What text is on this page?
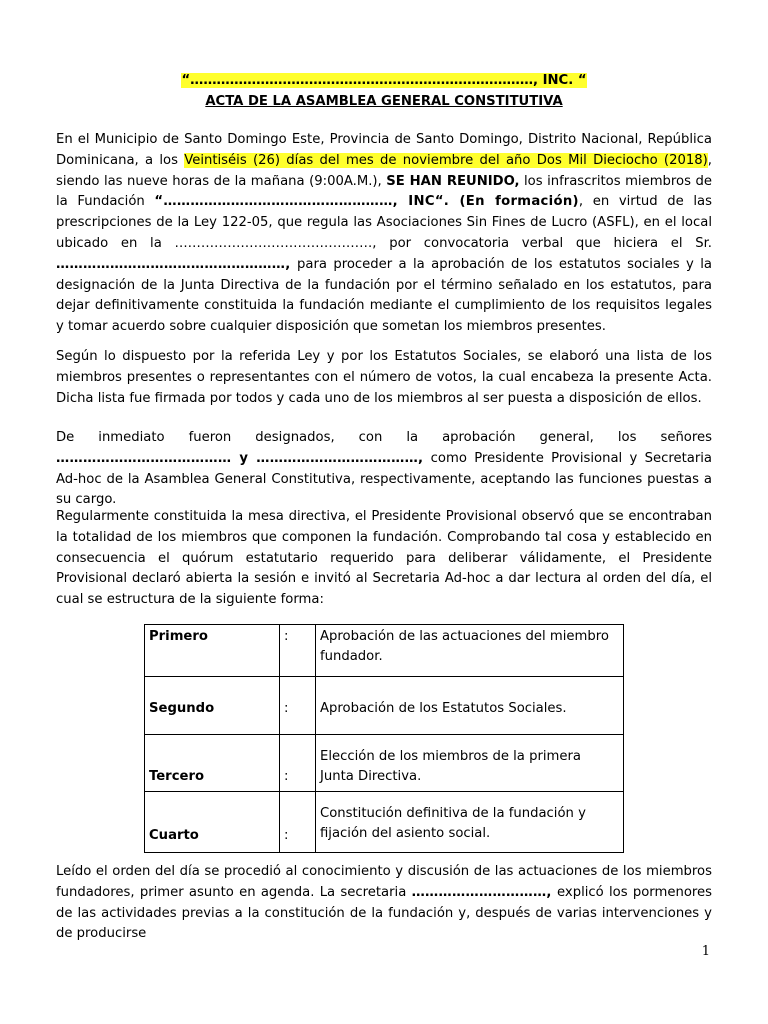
“……………………………………………………………………, INC. “
ACTA DE LA ASAMBLEA GENERAL CONSTITUTIVA

En el Municipio de Santo Domingo Este, Provincia de Santo Domingo, Distrito Nacional, República Dominicana, a los Veintiséis (26) días del mes de noviembre del año Dos Mil Dieciocho (2018), siendo las nueve horas de la mañana (9:00A.M.), SE HAN REUNIDO, los infrascritos miembros de la Fundación “……………………………………………, INC“. (En formación), en virtud de las prescripciones de la Ley 122-05, que regula las Asociaciones Sin Fines de Lucro (ASFL), en el local ubicado en la ………………………………………, por convocatoria verbal que hiciera el Sr. ……………………………………………, para proceder a la aprobación de los estatutos sociales y la designación de la Junta Directiva de la fundación por el término señalado en los estatutos, para dejar definitivamente constituida la fundación mediante el cumplimiento de los requisitos legales y tomar acuerdo sobre cualquier disposición que sometan los miembros presentes.

Según lo dispuesto por la referida Ley y por los Estatutos Sociales, se elaboró una lista de los miembros presentes o representantes con el número de votos, la cual encabeza la presente Acta. Dicha lista fue firmada por todos y cada uno de los miembros al ser puesta a disposición de ellos.

De inmediato fueron designados, con la aprobación general, los señores ………………………………… y ………………………………, como Presidente Provisional y Secretaria Ad-hoc de la Asamblea General Constitutiva, respectivamente, aceptando las funciones puestas a su cargo.

Regularmente constituida la mesa directiva, el Presidente Provisional observó que se encontraban la totalidad de los miembros que componen la fundación. Comprobando tal cosa y establecido en consecuencia el quórum estatutario requerido para deliberar válidamente, el Presidente Provisional declaró abierta la sesión e invitó al Secretaria Ad-hoc a dar lectura al orden del día, el cual se estructura de la siguiente forma:

Primero	:	Aprobación de las actuaciones del miembro fundador.
Segundo	:	Aprobación de los Estatutos Sociales.
Tercero	:	Elección de los miembros de la primera Junta Directiva.
Cuarto	:	Constitución definitiva de la fundación y fijación del asiento social.

Leído el orden del día se procedió al conocimiento y discusión de las actuaciones de los miembros fundadores, primer asunto en agenda. La secretaria …………………………, explicó los pormenores de las actividades previas a la constitución de la fundación y, después de varias intervenciones y de producirse

1
